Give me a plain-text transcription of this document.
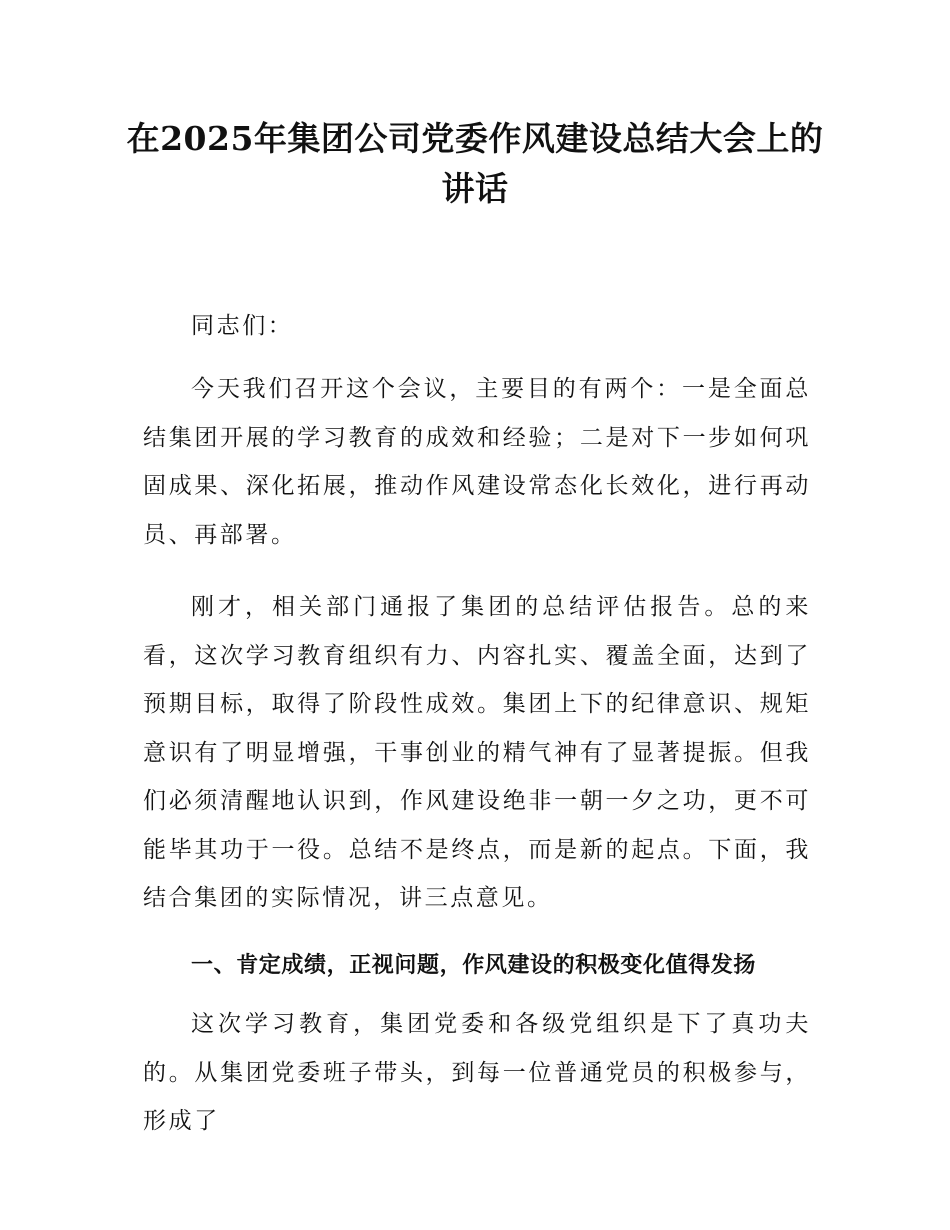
在2025年集团公司党委作风建设总结大会上的讲话

同志们：

今天我们召开这个会议，主要目的有两个：一是全面总结集团开展的学习教育的成效和经验；二是对下一步如何巩固成果、深化拓展，推动作风建设常态化长效化，进行再动员、再部署。

刚才，相关部门通报了集团的总结评估报告。总的来看，这次学习教育组织有力、内容扎实、覆盖全面，达到了预期目标，取得了阶段性成效。集团上下的纪律意识、规矩意识有了明显增强，干事创业的精气神有了显著提振。但我们必须清醒地认识到，作风建设绝非一朝一夕之功，更不可能毕其功于一役。总结不是终点，而是新的起点。下面，我结合集团的实际情况，讲三点意见。

一、肯定成绩，正视问题，作风建设的积极变化值得发扬

这次学习教育，集团党委和各级党组织是下了真功夫的。从集团党委班子带头，到每一位普通党员的积极参与，形成了
